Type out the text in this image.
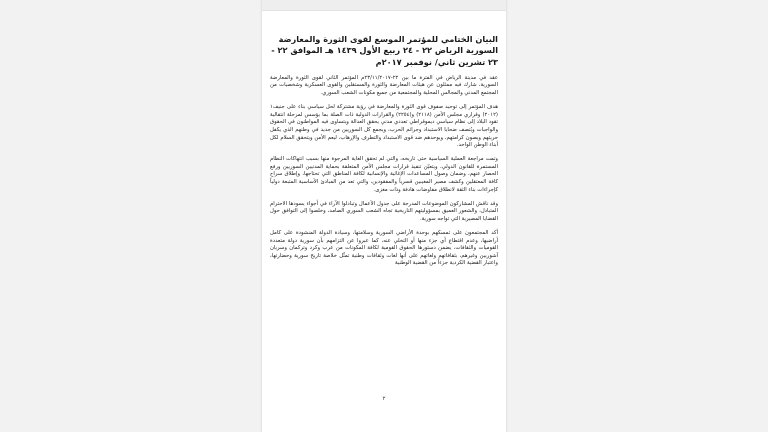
البيان الختامي للمؤتمر الموسع لقوى الثورة والمعارضة السورية الرياض ٢٢ - ٢٤ ربيع الأول ١٤٣٩ هـ الموافق ٢٢ - ٢٣ تشرين ثاني/ نوفمبر ٢٠١٧م

عقد في مدينة الرياض في الفترة ما بين ٢٢-٢٣/١١/٢٠١٧م المؤتمر الثاني لقوى الثورة والمعارضة السورية، شارك فيه ممثلون عن هيئات المعارضة والثورة والمستقلين والقوى العسكرية وشخصيات من المجتمع المدني والمجالس المحلية والمجتمعية من جميع مكونات الشعب السوري.

هدف المؤتمر إلى توحيد صفوف قوى الثورة والمعارضة في رؤية مشتركة لحل سياسي بناء على جنيف١ (٢٠١٢) وقراري مجلس الأمن (٢١١٨) و(٢٢٥٤) والقرارات الدولية ذات الصلة بما يؤسس لمرحلة انتقالية تقود البلاد إلى نظام سياسي ديموقراطي تعددي مدني يحقق العدالة ويتساوى فيه المواطنون في الحقوق والواجبات ويُنصف ضحايا الاستبداد وجرائم الحرب، ويجمع كل السوريين من جديد في وطنهم الذي يكفل حريتهم ويصون كرامتهم، ويوحدهم ضد قوى الاستبداد والتطرف والإرهاب، ليعم الأمن ويتحقق السلام لكل أبناء الوطن الواحد.

وتمت مراجعة العملية السياسية حتى تاريخه، والتي لم تحقق الغاية المرجوة منها بسبب انتهاكات النظام المستمرة للقانون الدولي، ويتعيّن تنفيذ قرارات مجلس الأمن المتعلقة بحماية المدنيين السوريين ورفع الحصار عنهم، وضمان وصول المساعدات الإغاثية والإنسانية لكافة المناطق التي تحتاجها، وإطلاق سراح كافة المعتقلين وكشف مصير المغيبين قسرياً والمفقودين، والتي تعد من المبادئ الأساسية المتبعة دولياً كإجراءات بناء الثقة لانطلاق مفاوضات هادفة وذات مغزى.

وقد ناقش المشاركون الموضوعات المدرجة على جدول الأعمال وتبادلوا الآراء في أجواء يسودها الاحترام المتبادل، والشعور العميق بمسؤوليتهم التاريخية تجاه الشعب السوري الصامد، وخلصوا إلى التوافق حول القضايا المصيرية التي تواجه سورية.

أكد المجتمعون على تمسكهم بوحدة الأراضي السورية وسلامتها، وسيادة الدولة المنشودة على كامل أراضيها، وعدم اقتطاع أي جزء منها أو التخلي عنه، كما عبروا عن التزامهم بأن سورية دولة متعددة القوميات والثقافات، يضمن دستورها الحقوق القومية لكافة المكونات من عرب وكرد وتركمان وسريان آشوريين وغيرهم، بثقافاتهم ولغاتهم على أنها لغات وثقافات وطنية تمثّل خلاصة تاريخ سورية وحضارتها، واعتبار القضية الكردية جزءاً من القضية الوطنية

٢
